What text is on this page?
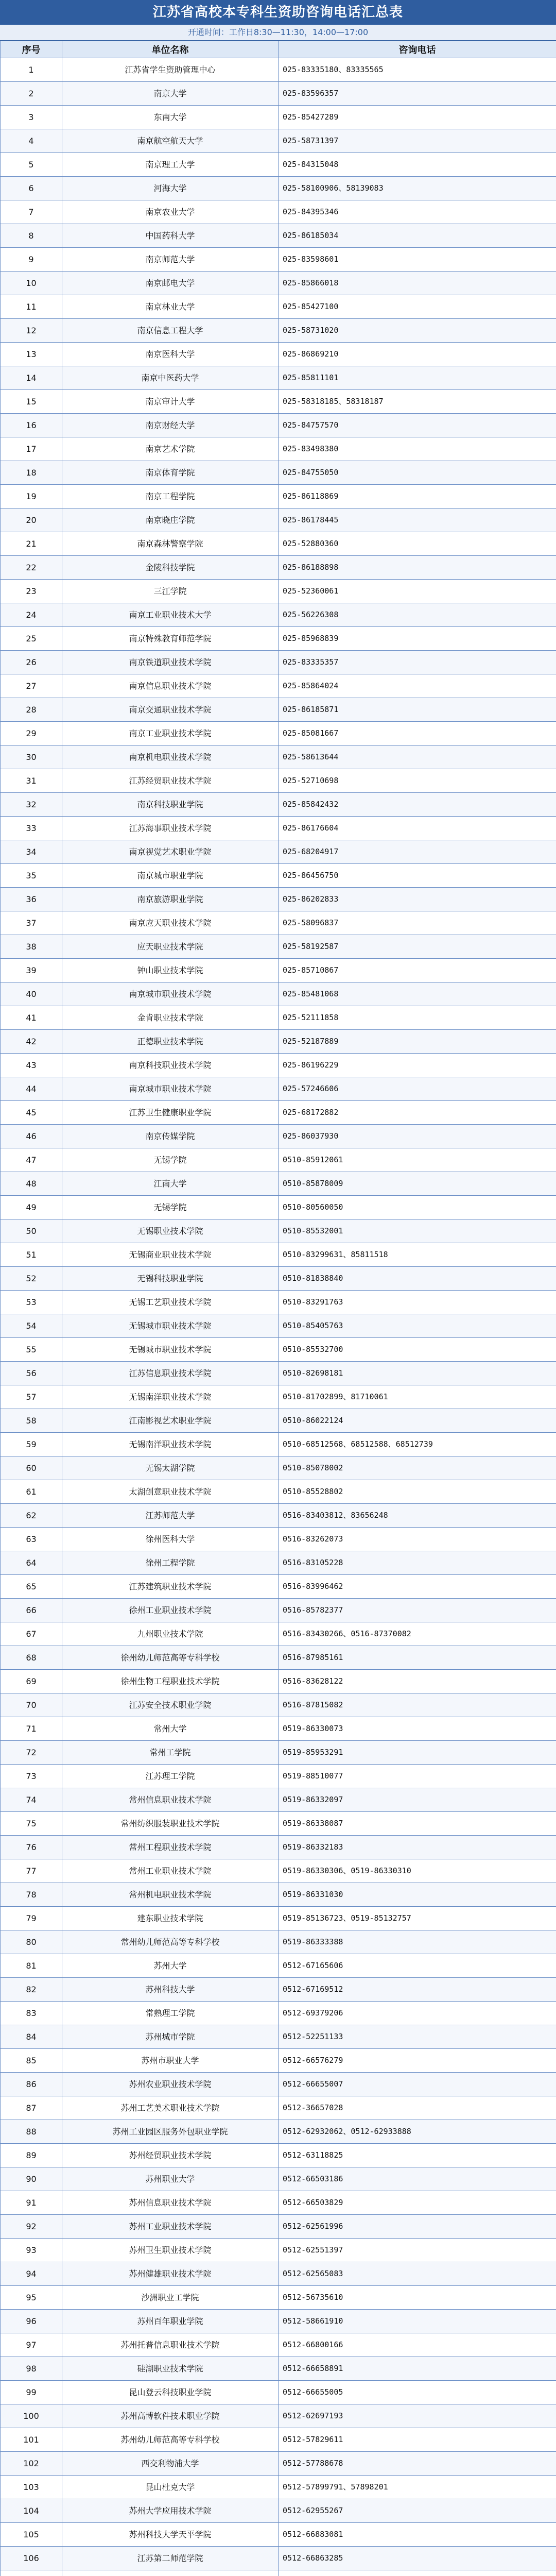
江苏省高校本专科生资助咨询电话汇总表
开通时间：工作日8:30—11:30，14:00—17:00
序号	单位名称	咨询电话
1	江苏省学生资助管理中心	025-83335180、83335565
2	南京大学	025-83596357
3	东南大学	025-85427289
4	南京航空航天大学	025-58731397
5	南京理工大学	025-84315048
6	河海大学	025-58100906、58139083
7	南京农业大学	025-84395346
8	中国药科大学	025-86185034
9	南京师范大学	025-83598601
10	南京邮电大学	025-85866018
11	南京林业大学	025-85427100
12	南京信息工程大学	025-58731020
13	南京医科大学	025-86869210
14	南京中医药大学	025-85811101
15	南京审计大学	025-58318185、58318187
16	南京财经大学	025-84757570
17	南京艺术学院	025-83498380
18	南京体育学院	025-84755050
19	南京工程学院	025-86118869
20	南京晓庄学院	025-86178445
21	南京森林警察学院	025-52880360
22	金陵科技学院	025-86188898
23	三江学院	025-52360061
24	南京工业职业技术大学	025-56226308
25	南京特殊教育师范学院	025-85968839
26	南京铁道职业技术学院	025-83335357
27	南京信息职业技术学院	025-85864024
28	南京交通职业技术学院	025-86185871
29	南京工业职业技术学院	025-85081667
30	南京机电职业技术学院	025-58613644
31	江苏经贸职业技术学院	025-52710698
32	南京科技职业学院	025-85842432
33	江苏海事职业技术学院	025-86176604
34	南京视觉艺术职业学院	025-68204917
35	南京城市职业学院	025-86456750
36	南京旅游职业学院	025-86202833
37	南京应天职业技术学院	025-58096837
38	应天职业技术学院	025-58192587
39	钟山职业技术学院	025-85710867
40	南京城市职业技术学院	025-85481068
41	金肯职业技术学院	025-52111858
42	正德职业技术学院	025-52187889
43	南京科技职业技术学院	025-86196229
44	南京城市职业技术学院	025-57246606
45	江苏卫生健康职业学院	025-68172882
46	南京传媒学院	025-86037930
47	无锡学院	0510-85912061
48	江南大学	0510-85878009
49	无锡学院	0510-80560050
50	无锡职业技术学院	0510-85532001
51	无锡商业职业技术学院	0510-83299631、85811518
52	无锡科技职业学院	0510-81838840
53	无锡工艺职业技术学院	0510-83291763
54	无锡城市职业技术学院	0510-85405763
55	无锡城市职业技术学院	0510-85532700
56	江苏信息职业技术学院	0510-82698181
57	无锡南洋职业技术学院	0510-81702899、81710061
58	江南影视艺术职业学院	0510-86022124
59	无锡南洋职业技术学院	0510-68512568、68512588、68512739
60	无锡太湖学院	0510-85078002
61	太湖创意职业技术学院	0510-85528802
62	江苏师范大学	0516-83403812、83656248
63	徐州医科大学	0516-83262073
64	徐州工程学院	0516-83105228
65	江苏建筑职业技术学院	0516-83996462
66	徐州工业职业技术学院	0516-85782377
67	九州职业技术学院	0516-83430266、0516-87370082
68	徐州幼儿师范高等专科学校	0516-87985161
69	徐州生物工程职业技术学院	0516-83628122
70	江苏安全技术职业学院	0516-87815082
71	常州大学	0519-86330073
72	常州工学院	0519-85953291
73	江苏理工学院	0519-88510077
74	常州信息职业技术学院	0519-86332097
75	常州纺织服装职业技术学院	0519-86338087
76	常州工程职业技术学院	0519-86332183
77	常州工业职业技术学院	0519-86330306、0519-86330310
78	常州机电职业技术学院	0519-86331030
79	建东职业技术学院	0519-85136723、0519-85132757
80	常州幼儿师范高等专科学校	0519-86333388
81	苏州大学	0512-67165606
82	苏州科技大学	0512-67169512
83	常熟理工学院	0512-69379206
84	苏州城市学院	0512-52251133
85	苏州市职业大学	0512-66576279
86	苏州农业职业技术学院	0512-66655007
87	苏州工艺美术职业技术学院	0512-36657028
88	苏州工业园区服务外包职业学院	0512-62932062、0512-62933888
89	苏州经贸职业技术学院	0512-63118825
90	苏州职业大学	0512-66503186
91	苏州信息职业技术学院	0512-66503829
92	苏州工业职业技术学院	0512-62561996
93	苏州卫生职业技术学院	0512-62551397
94	苏州健雄职业技术学院	0512-62565083
95	沙洲职业工学院	0512-56735610
96	苏州百年职业学院	0512-58661910
97	苏州托普信息职业技术学院	0512-66800166
98	硅湖职业技术学院	0512-66658891
99	昆山登云科技职业学院	0512-66655005
100	苏州高博软件技术职业学院	0512-62697193
101	苏州幼儿师范高等专科学校	0512-57829611
102	西交利物浦大学	0512-57788678
103	昆山杜克大学	0512-57899791、57898201
104	苏州大学应用技术学院	0512-62955267
105	苏州科技大学天平学院	0512-66883081
106	江苏第二师范学院	0512-66863285
